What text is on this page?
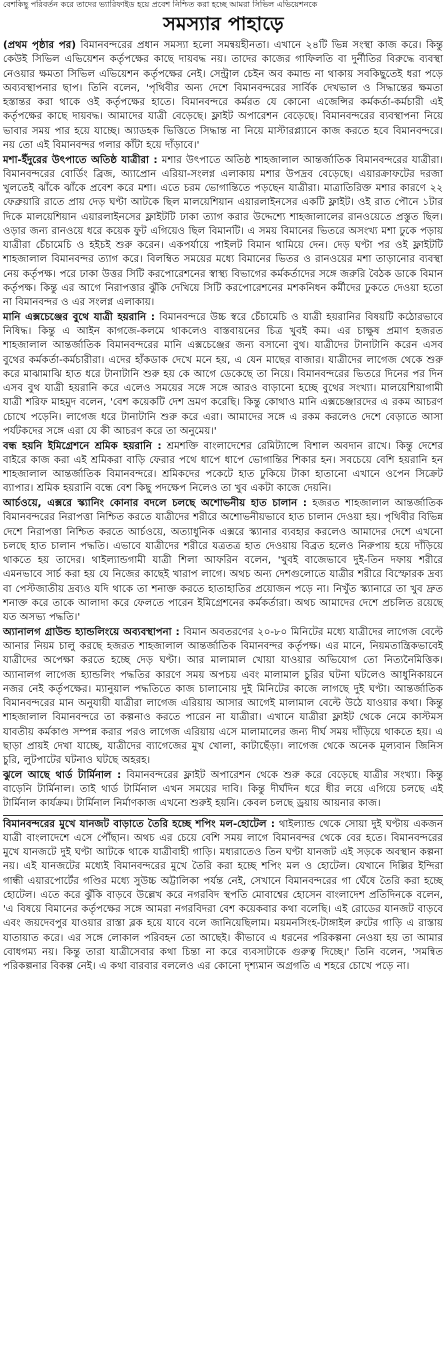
বেশকিছু পরিবর্তন করে তাদের ভ্যারিফাইড হয়ে প্রবেশ নিশ্চিত করা হচ্ছে আমরা সিভিল এভিয়েশনকে
সমস্যার পাহাড়ে

(প্রথম পৃষ্ঠার পর) বিমানবন্দরের প্রধান সমস্যা হলো সমন্বয়হীনতা। এখানে ২৪টি ভিন্ন সংস্থা কাজ করে। কিন্তু কেউই সিভিল এভিয়েশন কর্তৃপক্ষের কাছে দায়বদ্ধ নয়। তাদের কাজের গাফিলতি বা দুর্নীতির বিরুদ্ধে ব্যবস্থা নেওয়ার ক্ষমতা সিভিল এভিয়েশন কর্তৃপক্ষের নেই। সেন্ট্রাল চেইন অব কমান্ড না থাকায় সবকিছুতেই ধরা পড়ে অব্যবস্থাপনার ছাপ। তিনি বলেন, 'পৃথিবীর অন্য দেশে বিমানবন্দরের সার্বিক দেখভাল ও সিদ্ধান্তের ক্ষমতা হস্তান্তর করা থাকে ওই কর্তৃপক্ষের হাতে। বিমানবন্দরে কর্মরত যে কোনো এজেন্সির কর্মকর্তা-কর্মচারী এই কর্তৃপক্ষের কাছে দায়বদ্ধ। আমাদের যাত্রী বেড়েছে। ফ্লাইট অপারেশন বেড়েছে। বিমানবন্দরের ব্যবস্থাপনা নিয়ে ভাবার সময় পার হয়ে যাচ্ছে। অ্যাডহক ভিত্তিতে সিদ্ধান্ত না নিয়ে মাস্টারপ্ল্যানে কাজ করতে হবে বিমানবন্দরে। নয় তো এই বিমানবন্দর গলার কাঁটা হয়ে দাঁড়াবে।'

মশা-ইঁদুরের উৎপাতে অতিষ্ঠ যাত্রীরা : মশার উৎপাতে অতিষ্ঠ শাহজালাল আন্তর্জাতিক বিমানবন্দরের যাত্রীরা। বিমানবন্দরের বোর্ডিং ব্রিজ, অ্যাপ্রোন এরিয়া-সংলগ্ন এলাকায় মশার উপদ্রব বেড়েছে। এয়ারক্রাফটের দরজা খুলতেই ঝাঁকে ঝাঁকে প্রবেশ করে মশা। এতে চরম ভোগান্তিতে পড়ছেন যাত্রীরা। মাত্রাতিরিক্ত মশার কারণে ২২ ফেব্রুয়ারি রাতে প্রায় দেড় ঘণ্টা আটকে ছিল মালয়েশিয়ান এয়ারলাইনসের একটি ফ্লাইট। ওই রাত পৌনে ১টার দিকে মালয়েশিয়ান এয়ারলাইনসের ফ্লাইটটি ঢাকা ত্যাগ করার উদ্দেশ্যে শাহজালালের রানওয়েতে প্রস্তুত ছিল। ওড়ার জন্য রানওয়ে ধরে কয়েক ফুট এগিয়েও ছিল বিমানটি। এ সময় বিমানের ভিতরে অসংখ্য মশা ঢুকে পড়ায় যাত্রীরা চেঁচামেচি ও হইচই শুরু করেন। একপর্যায়ে পাইলট বিমান থামিয়ে দেন। দেড় ঘণ্টা পর ওই ফ্লাইটটি শাহজালাল বিমানবন্দর ত্যাগ করে। বিলম্বিত সময়ের মধ্যে বিমানের ভিতর ও রানওয়ের মশা তাড়ানোর ব্যবস্থা নেয় কর্তৃপক্ষ। পরে ঢাকা উত্তর সিটি করপোরেশনের স্বাস্থ্য বিভাগের কর্মকর্তাদের সঙ্গে জরুরি বৈঠক ডাকে বিমান কর্তৃপক্ষ। কিন্তু এর আগে নিরাপত্তার ঝুঁকি দেখিয়ে সিটি করপোরেশনের মশকনিধন কর্মীদের ঢুকতে দেওয়া হতো না বিমানবন্দর ও এর সংলগ্ন এলাকায়।

মানি এক্সচেঞ্জের বুথে যাত্রী হয়রানি : বিমানবন্দরে উচ্চ স্বরে চেঁচামেচি ও যাত্রী হয়রানির বিষয়টি কঠোরভাবে নিষিদ্ধ। কিন্তু এ আইন কাগজে-কলমে থাকলেও বাস্তবায়নের চিত্র খুবই কম। এর চাক্ষুষ প্রমাণ হজরত শাহজালাল আন্তর্জাতিক বিমানবন্দরের মানি এক্সচেঞ্জের জন্য বসানো বুথ। যাত্রীদের টানাটানি করেন এসব বুথের কর্মকর্তা-কর্মচারীরা। এদের হাঁকডাক দেখে মনে হয়, এ যেন মাছের বাজার। যাত্রীদের লাগেজ থেকে শুরু করে মাঝামাঝি হাত ধরে টানাটানি শুরু হয় কে আগে ডেকেছে তা নিয়ে। বিমানবন্দরের ভিতরে দিনের পর দিন এসব বুথ যাত্রী হয়রানি করে এলেও সময়ের সঙ্গে সঙ্গে আরও বাড়ানো হচ্ছে বুথের সংখ্যা। মালয়েশিয়াগামী যাত্রী শরিফ মাহমুদ বলেন, 'বেশ কয়েকটি দেশ ভ্রমণ করেছি। কিন্তু কোথাও মানি এক্সচেঞ্জারদের এ রকম আচরণ চোখে পড়েনি। লাগেজ ধরে টানাটানি শুরু করে এরা। আমাদের সঙ্গে এ রকম করলেও দেশে বেড়াতে আসা পর্যটকদের সঙ্গে এরা যে কী আচরণ করে তা অনুমেয়।'

বন্ধ হয়নি ইমিগ্রেশনে শ্রমিক হয়রানি : শ্রমশক্তি বাংলাদেশের রেমিট্যান্সে বিশাল অবদান রাখে। কিন্তু দেশের বাইরে কাজ করা এই শ্রমিকরা বাড়ি ফেরার পথে ধাপে ধাপে ভোগান্তির শিকার হন। সবচেয়ে বেশি হয়রানি হন শাহজালাল আন্তর্জাতিক বিমানবন্দরে। শ্রমিকদের পকেটে হাত ঢুকিয়ে টাকা হাতানো এখানে ওপেন সিক্রেট ব্যাপার। শ্রমিক হয়রানি বন্ধে বেশ কিছু পদক্ষেপ নিলেও তা খুব একটা কাজে দেয়নি।

আর্চওয়ে, এক্সরে স্ক্যানিং কোনার বদলে চলছে অশোভনীয় হাত চালান : হজরত শাহজালাল আন্তর্জাতিক বিমানবন্দরের নিরাপত্তা নিশ্চিত করতে যাত্রীদের শরীরে অশোভনীয়ভাবে হাত চালান দেওয়া হয়। পৃথিবীর বিভিন্ন দেশে নিরাপত্তা নিশ্চিত করতে আর্চওয়ে, অত্যাধুনিক এক্সরে স্ক্যানার ব্যবহার করলেও আমাদের দেশে এখনো চলছে হাত চালান পদ্ধতি। এভাবে যাত্রীদের শরীরে যত্রতত্র হাত দেওয়ায় বিব্রত হলেও নিরুপায় হয়ে দাঁড়িয়ে থাকতে হয় তাদের। থাইল্যান্ডগামী যাত্রী শিলা আফরিন বলেন, 'খুবই বাজেভাবে দুই-তিন দফায় শরীরে এমনভাবে সার্চ করা হয় যে নিজের কাছেই খারাপ লাগে। অথচ অন্য দেশগুলোতে যাত্রীর শরীরে বিস্ফোরক দ্রব্য বা পেস্টজাতীয় দ্রব্যও যদি থাকে তা শনাক্ত করতে হাতাহাতির প্রয়োজন পড়ে না। নিখুঁত স্ক্যানারে তা খুব দ্রুত শনাক্ত করে তাকে আলাদা করে ফেলতে পারেন ইমিগ্রেশনের কর্মকর্তারা। অথচ আমাদের দেশে প্রচলিত রয়েছে যত অসভ্য পদ্ধতি।'

অ্যানালগ গ্রাউন্ড হ্যান্ডলিংয়ে অব্যবস্থাপনা : বিমান অবতরণের ২০-৮০ মিনিটের মধ্যে যাত্রীদের লাগেজ বেল্টে আনার নিয়ম চালু করছে হজরত শাহজালাল আন্তর্জাতিক বিমানবন্দর কর্তৃপক্ষ। এর মানে, নিয়মতান্ত্রিকভাবেই যাত্রীদের অপেক্ষা করতে হচ্ছে দেড় ঘণ্টা। আর মালামাল খোয়া যাওয়ার অভিযোগ তো নিত্যনৈমিত্তিক। অ্যানালগ লাগেজ হ্যান্ডলিং পদ্ধতির কারণে সময় অপচয় এবং মালামাল চুরির ঘটনা ঘটলেও আধুনিকায়নে নজর নেই কর্তৃপক্ষের। ম্যানুয়াল পদ্ধতিতে কাজ চালানোয় দুই মিনিটের কাজে লাগছে দুই ঘণ্টা। আন্তর্জাতিক বিমানবন্দরের মান অনুযায়ী যাত্রীরা লাগেজ এরিয়ায় আসার আগেই মালামাল বেল্টে উঠে যাওয়ার কথা। কিন্তু শাহজালাল বিমানবন্দরে তা কল্পনাও করতে পারেন না যাত্রীরা। এখানে যাত্রীরা ফ্লাইট থেকে নেমে কাস্টমস যাবতীয় কর্মকাণ্ড সম্পন্ন করার পরও লাগেজ এরিয়ায় এসে মালামালের জন্য দীর্ঘ সময় দাঁড়িয়ে থাকতে হয়। এ ছাড়া প্রায়ই দেখা যাচ্ছে, যাত্রীদের ব্যাগেজের মুখ খোলা, কাটাছেঁড়া। লাগেজ থেকে অনেক মূল্যবান জিনিস চুরি, লুটপাটের ঘটনাও ঘটছে অহরহ।

ঝুলে আছে থার্ড টার্মিনাল : বিমানবন্দরের ফ্লাইট অপারেশন থেকে শুরু করে বেড়েছে যাত্রীর সংখ্যা। কিন্তু বাড়েনি টার্মিনাল। তাই থার্ড টার্মিনাল এখন সময়ের দাবি। কিন্তু দীর্ঘদিন ধরে ধীর লয়ে এগিয়ে চলছে এই টার্মিনাল কার্যক্রম। টার্মিনাল নির্মাণকাজ এখনো শুরুই হয়নি। কেবল চলছে ড্রয়ায় আয়নার কাজ।

বিমানবন্দরের মুখে যানজট বাড়াতে তৈরি হচ্ছে শপিং মল-হোটেল : থাইল্যান্ড থেকে সোয়া দুই ঘণ্টায় একজন যাত্রী বাংলাদেশে এসে পৌঁছান। অথচ এর চেয়ে বেশি সময় লাগে বিমানবন্দর থেকে বের হতে। বিমানবন্দরের মুখে যানজটে দুই ঘণ্টা আটকে থাকে যাত্রীবাহী গাড়ি। মধ্যরাতেও তিন ঘণ্টা যানজট এই সড়কে অবস্থান কল্পনা নয়। এই যানজটের মধ্যেই বিমানবন্দরের মুখে তৈরি করা হচ্ছে শপিং মল ও হোটেল। যেখানে দিল্লির ইন্দিরা গান্ধী এয়ারপোর্টের গণ্ডির মধ্যে সুউচ্চ অট্টালিকা পর্যন্ত নেই, সেখানে বিমানবন্দরের গা ঘেঁষে তৈরি করা হচ্ছে হোটেল। এতে করে ঝুঁকি বাড়বে উল্লেখ করে নগরবিদ স্থপতি মোবাশ্বের হোসেন বাংলাদেশ প্রতিদিনকে বলেন, 'এ বিষয়ে বিমানের কর্তৃপক্ষের সঙ্গে আমরা নগরবিদরা বেশ কয়েকবার কথা বলেছি। এই রোডের যানজট বাড়বে এবং জয়দেবপুর যাওয়ার রাস্তা ব্লক হয়ে যাবে বলে জানিয়েছিলাম। ময়মনসিংহ-টাঙ্গাইল রুটের গাড়ি এ রাস্তায় যাতায়াত করে। এর সঙ্গে লোকাল পরিবহন তো আছেই। কীভাবে এ ধরনের পরিকল্পনা নেওয়া হয় তা আমার বোধগম্য নয়। কিন্তু তারা যাত্রীসেবার কথা চিন্তা না করে ব্যবসাটাকে গুরুত্ব দিচ্ছে।' তিনি বলেন, 'সমন্বিত পরিকল্পনার বিকল্প নেই। এ কথা বারবার বললেও এর কোনো দৃশ্যমান অগ্রগতি এ শহরে চোখে পড়ে না।
